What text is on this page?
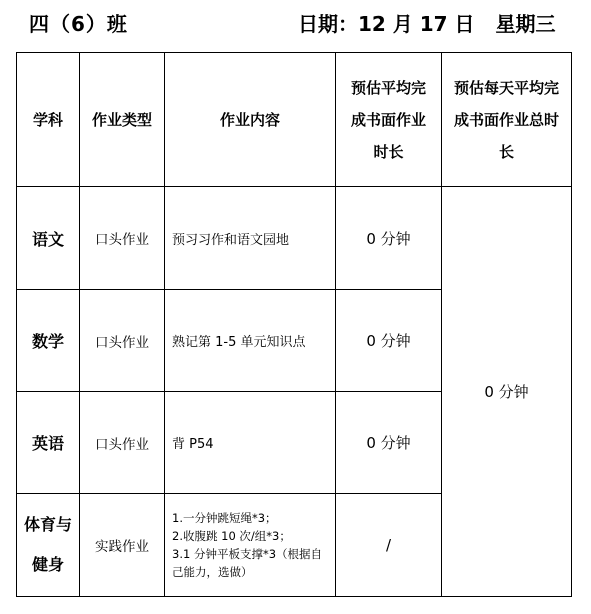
四（6）班	日期：12 月 17 日   星期三
学科	作业类型	作业内容	预估平均完成书面作业时长	预估每天平均完成书面作业总时长
语文	口头作业	预习习作和语文园地	0 分钟	0 分钟
数学	口头作业	熟记第 1-5 单元知识点	0 分钟	
英语	口头作业	背 P54	0 分钟	
体育与健身	实践作业	1.一分钟跳短绳*3；
2.收腹跳 10 次/组*3；
3.1 分钟平板支撑*3（根据自己能力，选做）	/	
